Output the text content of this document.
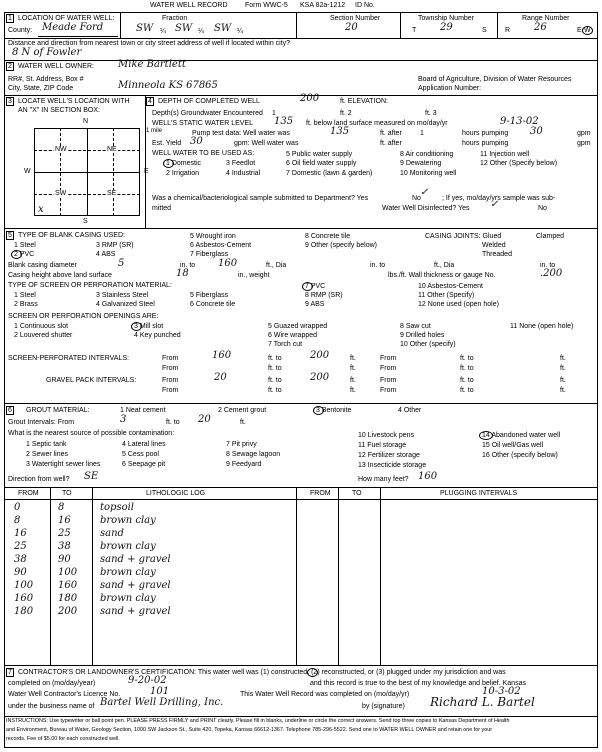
WATER WELL RECORD Form WWC-5 KSA 82a-1212 ID No.
1 LOCATION OF WATER WELL:
County: Meade Ford
Fraction
SW ¼ SW ¼ SW ¼
Section Number
20
Township Number
T 29	S
Range Number
R 26	E W
Distance and direction from nearest town or city street address of well if located within city?
8 N of Fowler
2 WATER WELL OWNER: Mike Bartlett
RR#, St. Address, Box #
City, State, ZIP Code	Minneola KS 67865
Board of Agriculture, Division of Water Resources
Application Number:
3 LOCATE WELL'S LOCATION WITH
AN "X" IN SECTION BOX:
N
S
W	E
NW	NE
SW	SE
x
1 mile
4 DEPTH OF COMPLETED WELL	200	ft. ELEVATION:
Depth(s) Groundwater Encountered 1	ft. 2	ft. 3
WELL'S STATIC WATER LEVEL 135 ft. below land surface measured on mo/day/yr	9-13-02
Pump test data: Well water was	135	ft. after	1	hours pumping 30	gpm
Est. Yield 30	gpm: Well water was	ft. after	hours pumping	gpm
WELL WATER TO BE USED AS:
1 Domestic
2 Irrigation
3 Feedlot
4 Industrial
5 Public water supply
6 Oil field water supply
7 Domestic (lawn & garden)
8 Air conditioning
9 Dewatering
10 Monitoring well
11 Injection well
12 Other (Specify below)
Was a chemical/bacteriological sample submitted to Department? Yes
✓
No	; If yes, mo/day/yrs sample was sub-
mitted	Water Well Disinfected? Yes ✓	No
5 TYPE OF BLANK CASING USED:
1 Steel
2 PVC
3 RMP (SR)
4 ABS
5 Wrought iron
6 Asbestos-Cement
7 Fiberglass
8 Concrete tile
9 Other (specify below)
CASING JOINTS: Glued	Clamped
Welded
Threaded
Blank casing diameter	5	in. to 160	ft., Dia	in. to	ft., Dia	in. to
Casing height above land surface	18	in., weight	lbs./ft. Wall thickness or gauge No.	.200
TYPE OF SCREEN OR PERFORATION MATERIAL:
1 Steel
2 Brass
3 Stainless Steel
4 Galvanized Steel
5 Fiberglass
6 Concrete tile
7 PVC
8 RMP (SR)
9 ABS
10 Asbestos-Cement
11 Other (Specify)
12 None used (open hole)
SCREEN OR PERFORATION OPENINGS ARE:
1 Continuous slot
2 Louvered shutter
3 Mill slot
4 Key punched
5 Guazed wrapped
6 Wire wrapped
7 Torch cut
8 Saw cut
9 Drilled holes
10 Other (specify)
11 None (open hole)
SCREEN-PERFORATED INTERVALS:	From	160	ft. to	200	ft.	From	ft. to	ft.
From	ft. to	ft.	From	ft. to	ft.
GRAVEL PACK INTERVALS:	From	20	ft. to	200	ft.	From	ft. to	ft.
From	ft. to	ft.	From	ft. to	ft.
6 GROUT MATERIAL:	1 Neat cement	2 Cement grout	3 Bentonite	4 Other
Grout Intervals: From	3	ft. to 20	ft.
What is the nearest source of possible contamination:
1 Septic tank
2 Sewer lines
3 Watertight sewer lines
4 Lateral lines
5 Cess pool
6 Seepage pit
7 Pit privy
8 Sewage lagoon
9 Feedyard
10 Livestock pens
11 Fuel storage
12 Fertilizer storage
13 Insecticide storage
14 Abandoned water well
15 Oil well/Gas well
16 Other (specify below)
Direction from well? SE	How many feet? 160
FROM	TO	LITHOLOGIC LOG	FROM	TO	PLUGGING INTERVALS
0	8	topsoil
8	16	brown clay
16	25	sand
25	38	brown clay
38	90	sand + gravel
90	100 brown clay
100 160 sand + gravel
160 180 brown clay
180 200 sand + gravel
7 CONTRACTOR'S OR LANDOWNER'S CERTIFICATION: This water well was (1) constructed, (2) reconstructed, or (3) plugged under my jurisdiction and was
completed on (mo/day/year)	9-20-02	and this record is true to the best of my knowledge and belief. Kansas
Water Well Contractor's Licence No.	101	This Water Well Record was completed on (mo/day/yr)	10-3-02
under the business name of Bartel Well Drilling, Inc.	by (signature) Richard L. Bartel
INSTRUCTIONS: Use typewriter or ball point pen. PLEASE PRESS FIRMLY and PRINT clearly. Please fill in blanks, underline or circle the correct answers. Send top three copies to Kansas Department of Health
and Environment, Bureau of Water, Geology Section, 1000 SW Jackson St., Suite 420, Topeka, Kansas 66612-1367. Telephone 785-296-5522. Send one to WATER WELL OWNER and retain one for your
records. Fee of $5.00 for each constructed well.
